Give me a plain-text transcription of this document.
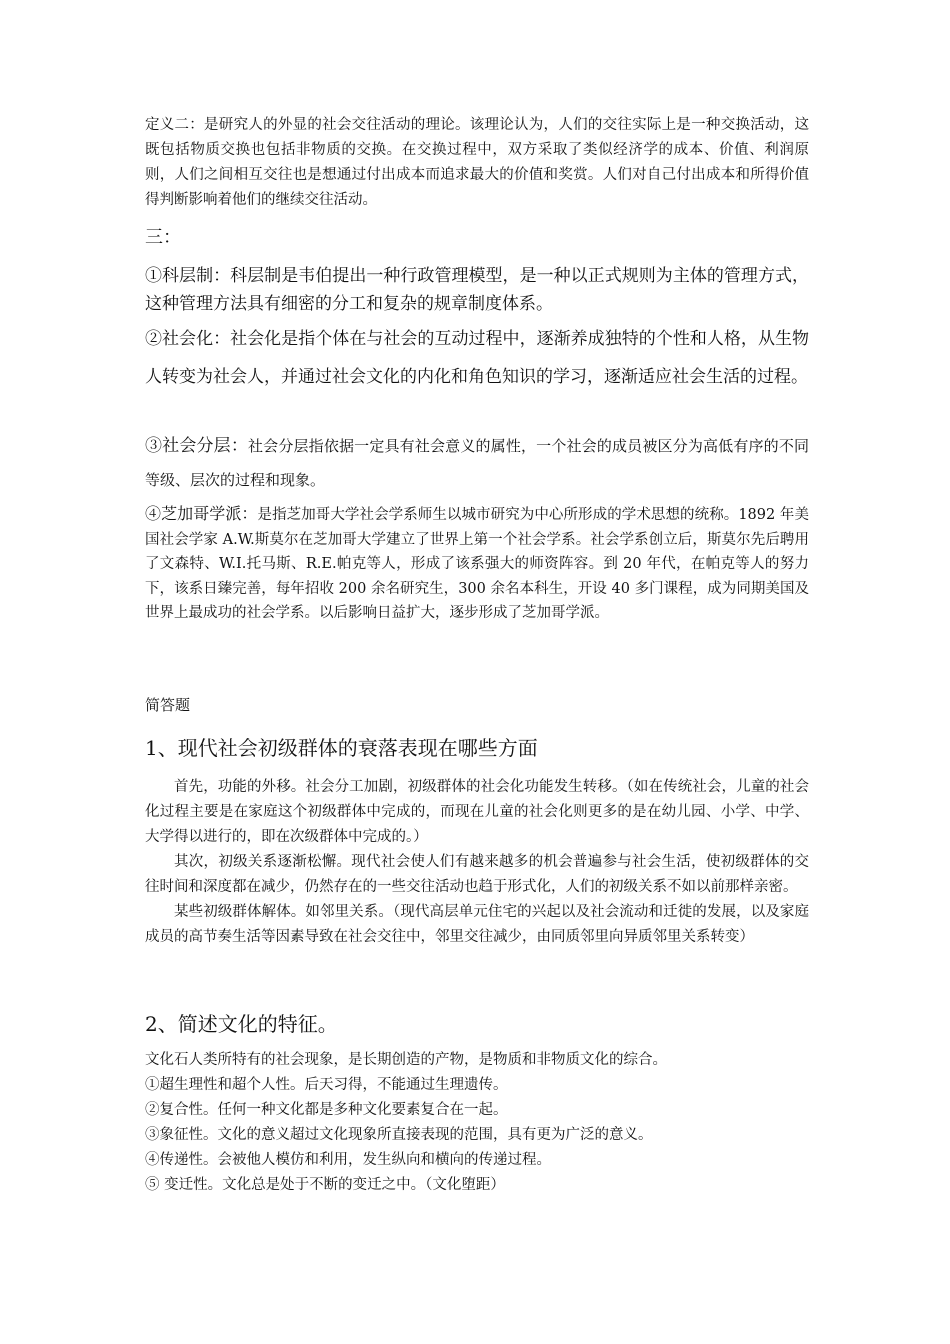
定义二：是研究人的外显的社会交往活动的理论。该理论认为，人们的交往实际上是一种交换活动，这既包括物质交换也包括非物质的交换。在交换过程中，双方采取了类似经济学的成本、价值、利润原则，人们之间相互交往也是想通过付出成本而追求最大的价值和奖赏。人们对自己付出成本和所得价值得判断影响着他们的继续交往活动。

三：

①科层制：科层制是韦伯提出一种行政管理模型，是一种以正式规则为主体的管理方式，这种管理方法具有细密的分工和复杂的规章制度体系。

②社会化：社会化是指个体在与社会的互动过程中，逐渐养成独特的个性和人格，从生物人转变为社会人，并通过社会文化的内化和角色知识的学习，逐渐适应社会生活的过程。

③社会分层：社会分层指依据一定具有社会意义的属性，一个社会的成员被区分为高低有序的不同等级、层次的过程和现象。

④芝加哥学派：是指芝加哥大学社会学系师生以城市研究为中心所形成的学术思想的统称。1892 年美国社会学家 A.W.斯莫尔在芝加哥大学建立了世界上第一个社会学系。社会学系创立后，斯莫尔先后聘用了文森特、W.I.托马斯、R.E.帕克等人，形成了该系强大的师资阵容。到 20 年代，在帕克等人的努力下，该系日臻完善，每年招收 200 余名研究生，300 余名本科生，开设 40 多门课程，成为同期美国及世界上最成功的社会学系。以后影响日益扩大，逐步形成了芝加哥学派。

简答题

1、现代社会初级群体的衰落表现在哪些方面

首先，功能的外移。社会分工加剧，初级群体的社会化功能发生转移。（如在传统社会，儿童的社会化过程主要是在家庭这个初级群体中完成的，而现在儿童的社会化则更多的是在幼儿园、小学、中学、大学得以进行的，即在次级群体中完成的。）

其次，初级关系逐渐松懈。现代社会使人们有越来越多的机会普遍参与社会生活，使初级群体的交往时间和深度都在减少，仍然存在的一些交往活动也趋于形式化，人们的初级关系不如以前那样亲密。

某些初级群体解体。如邻里关系。（现代高层单元住宅的兴起以及社会流动和迁徙的发展，以及家庭成员的高节奏生活等因素导致在社会交往中，邻里交往减少，由同质邻里向异质邻里关系转变）

2、简述文化的特征。

文化石人类所特有的社会现象，是长期创造的产物，是物质和非物质文化的综合。

①超生理性和超个人性。后天习得，不能通过生理遗传。

②复合性。任何一种文化都是多种文化要素复合在一起。

③象征性。文化的意义超过文化现象所直接表现的范围，具有更为广泛的意义。

④传递性。会被他人模仿和利用，发生纵向和横向的传递过程。

⑤ 变迁性。文化总是处于不断的变迁之中。（文化堕距）
